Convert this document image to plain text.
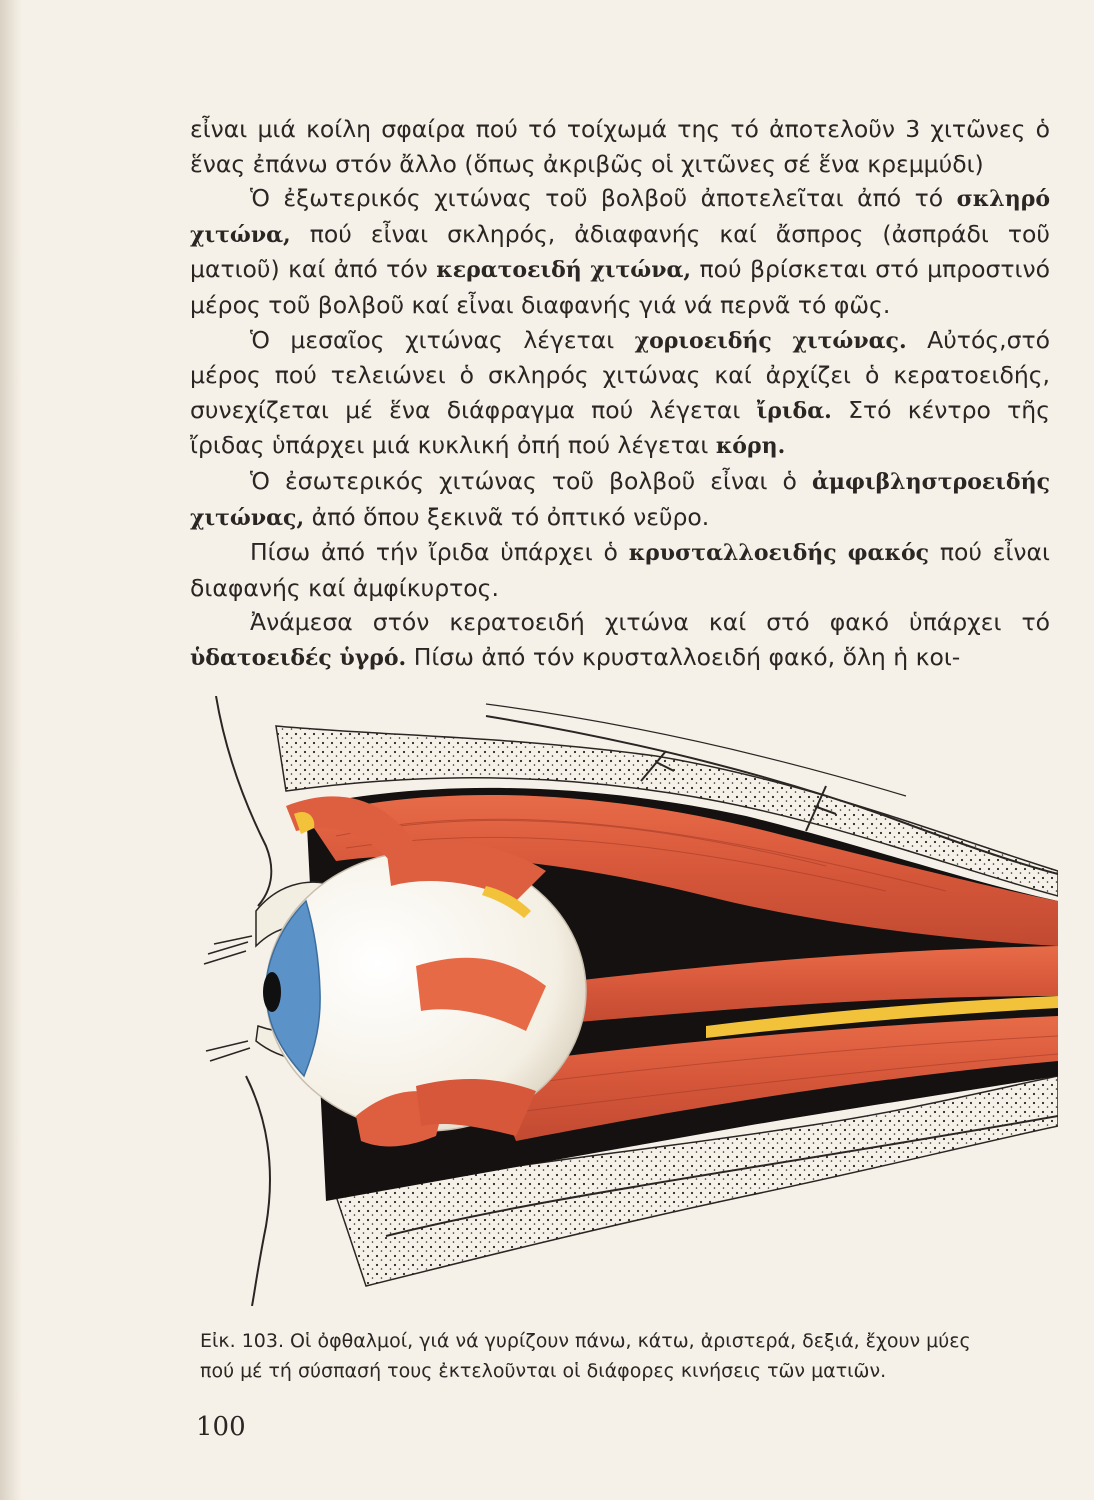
εἶναι μιά κοίλη σφαίρα πού τό τοίχωμά της τό ἀποτελοῦν 3 χιτῶνες ὁ ἕνας ἐπάνω στόν ἄλλο (ὅπως ἀκριβῶς οἱ χιτῶνες σέ ἕνα κρεμμύδι)

Ὁ ἐξωτερικός χιτώνας τοῦ βολβοῦ ἀποτελεῖται ἀπό τό σκληρό χιτώνα, πού εἶναι σκληρός, ἀδιαφανής καί ἄσπρος (ἀσπράδι τοῦ ματιοῦ) καί ἀπό τόν κερατοειδή χιτώνα, πού βρίσκεται στό μπροστινό μέρος τοῦ βολβοῦ καί εἶναι διαφανής γιά νά περνᾶ τό φῶς.

Ὁ μεσαῖος χιτώνας λέγεται χοριοειδής χιτώνας. Αὐτός,στό μέρος πού τελειώνει ὁ σκληρός χιτώνας καί ἀρχίζει ὁ κερατοειδής, συνεχίζεται μέ ἕνα διάφραγμα πού λέγεται ἴριδα. Στό κέντρο τῆς ἴριδας ὑπάρχει μιά κυκλική ὀπή πού λέγεται κόρη.

Ὁ ἐσωτερικός χιτώνας τοῦ βολβοῦ εἶναι ὁ ἀμφιβληστροειδής χιτώνας, ἀπό ὅπου ξεκινᾶ τό ὀπτικό νεῦρο.

Πίσω ἀπό τήν ἴριδα ὑπάρχει ὁ κρυσταλλοειδής φακός πού εἶναι διαφανής καί ἀμφίκυρτος.

Ἀνάμεσα στόν κερατοειδή χιτώνα καί στό φακό ὑπάρχει τό ὑδατοειδές ὑγρό. Πίσω ἀπό τόν κρυσταλλοειδή φακό, ὅλη ἡ κοι-

Εἰκ. 103. Οἱ ὀφθαλμοί, γιά νά γυρίζουν πάνω, κάτω, ἀριστερά, δεξιά, ἔχουν μύες
πού μέ τή σύσπασή τους ἐκτελοῦνται οἱ διάφορες κινήσεις τῶν ματιῶν.
100
